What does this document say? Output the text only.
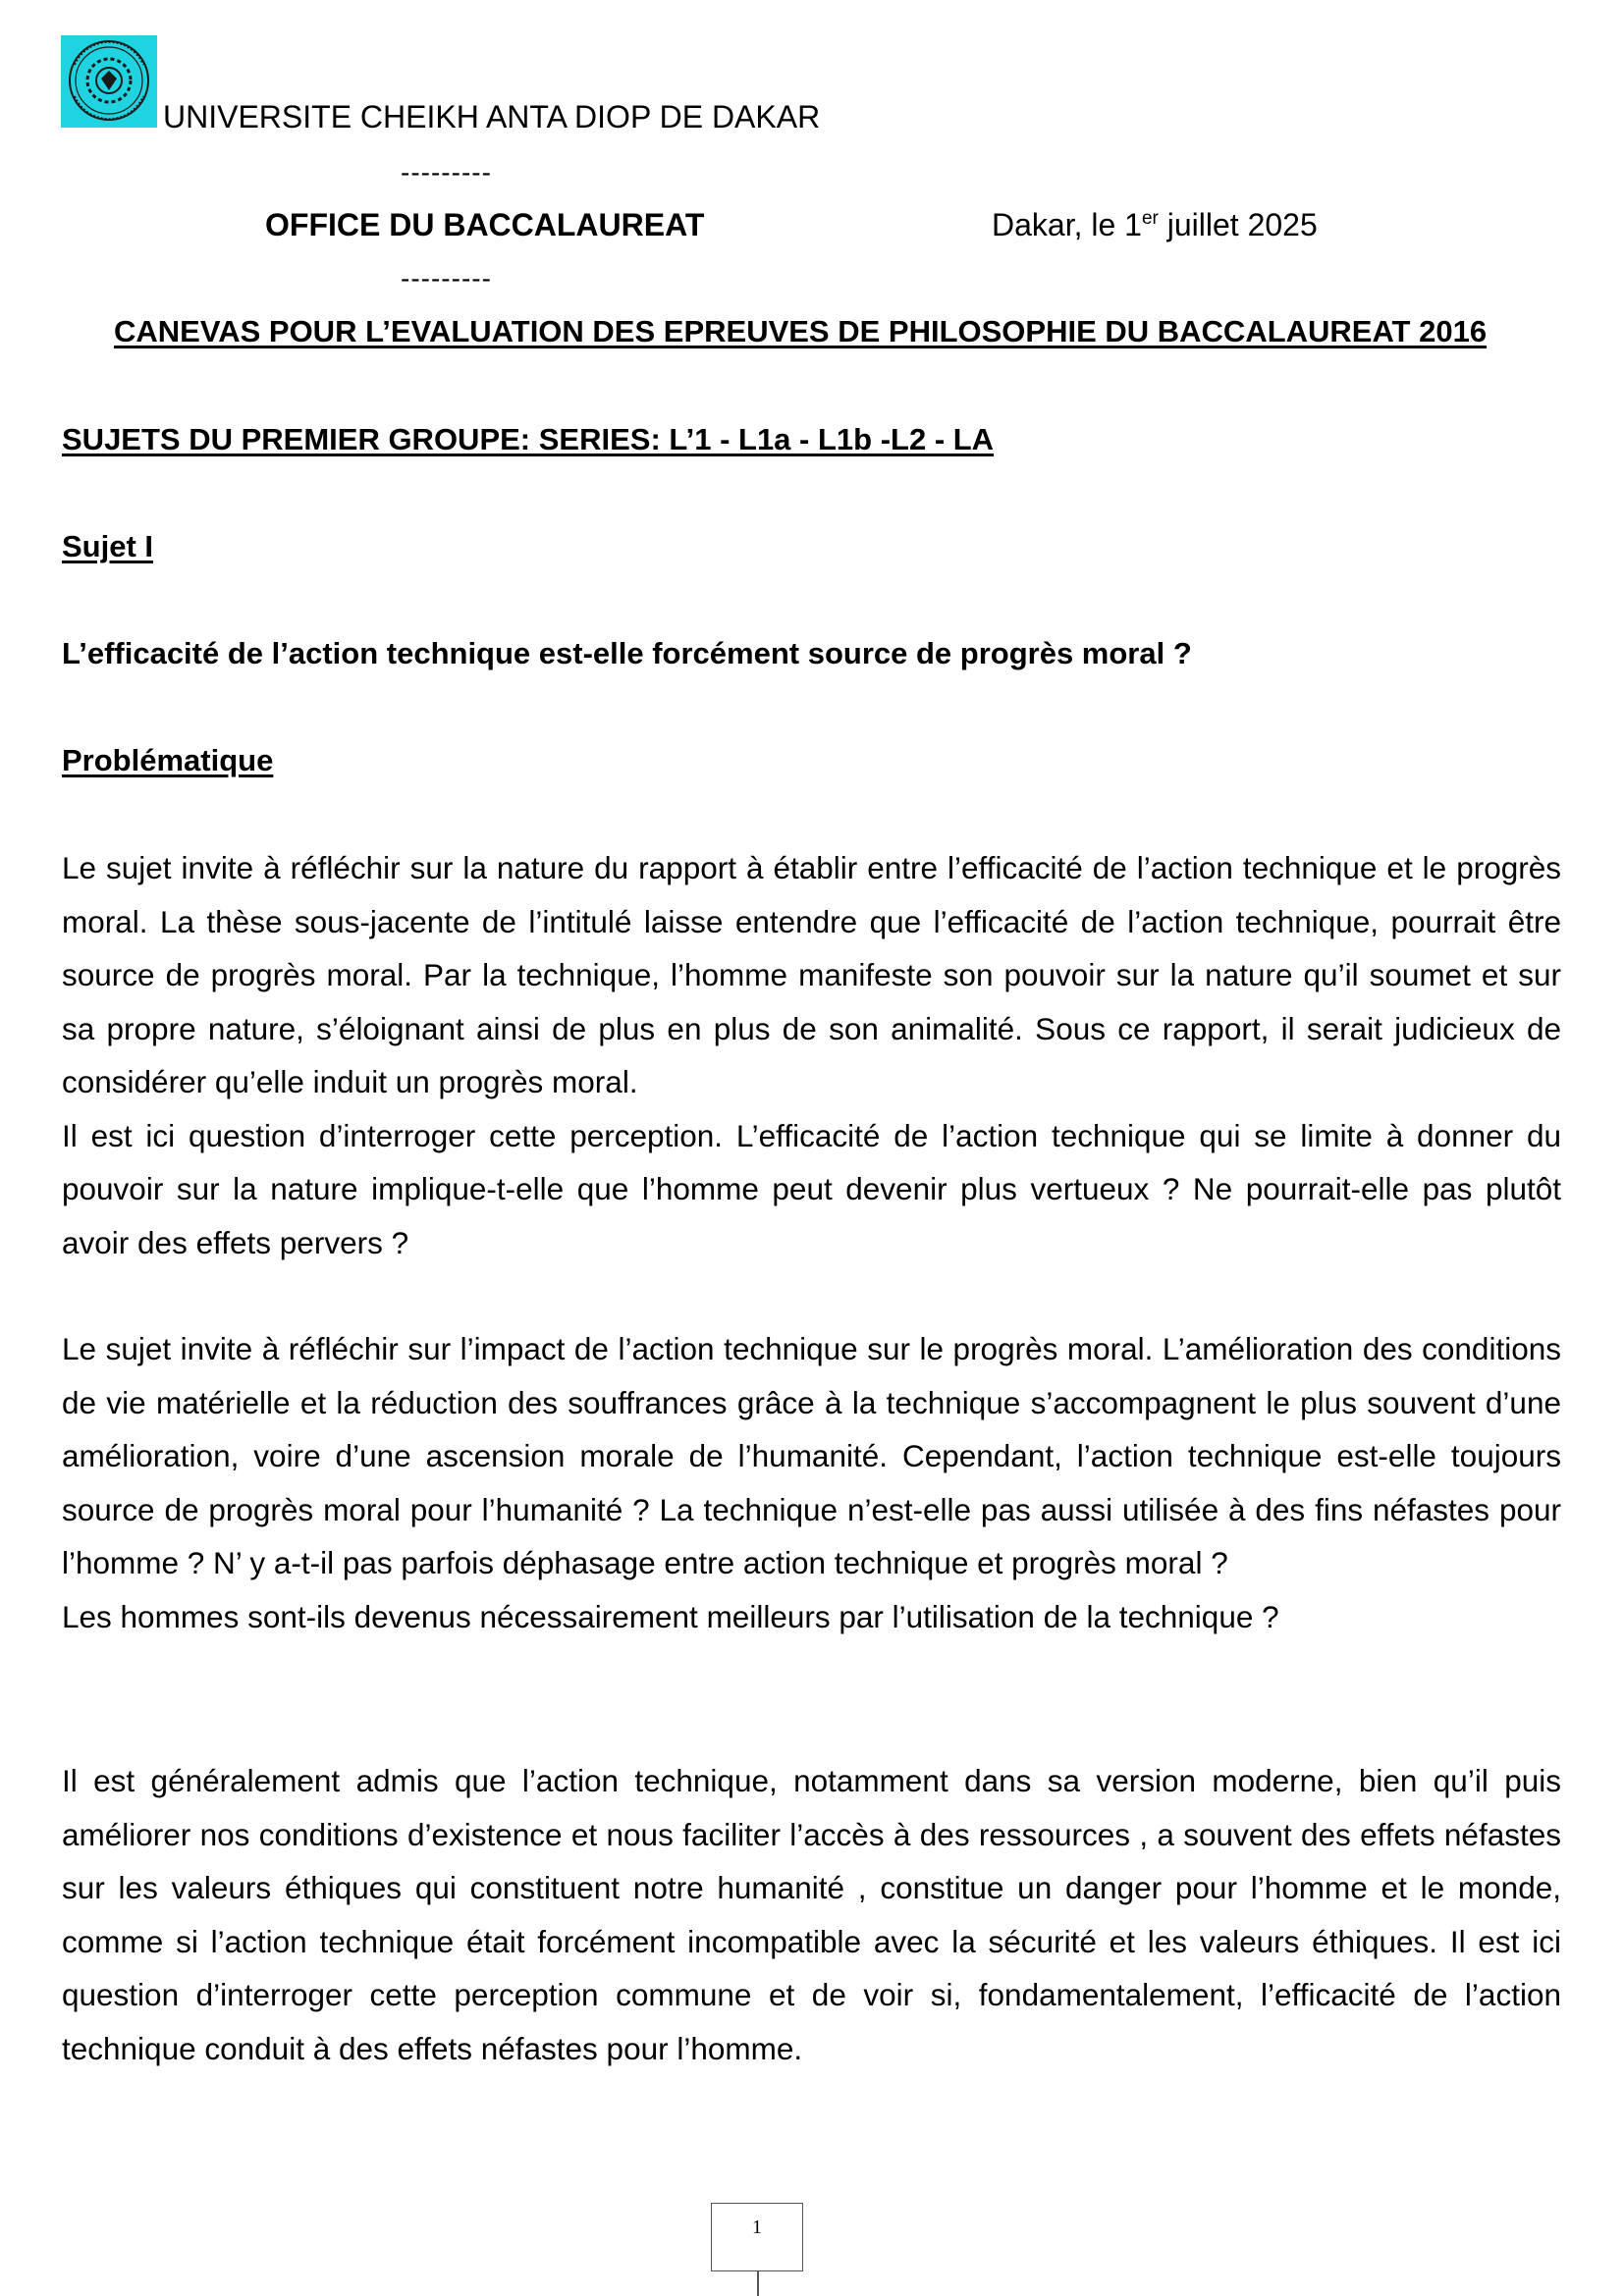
UNIVERSITE CHEIKH ANTA DIOP DE DAKAR
---------
OFFICE DU BACCALAUREAT	Dakar, le 1er juillet 2025
---------
CANEVAS POUR L’EVALUATION DES EPREUVES DE PHILOSOPHIE DU BACCALAUREAT 2016
SUJETS DU PREMIER GROUPE: SERIES: L’1 - L1a - L1b -L2 - LA
Sujet I
L’efficacité de l’action technique est-elle forcément source de progrès moral ?
Problématique
Le sujet invite à réfléchir sur la nature du rapport à établir entre l’efficacité de l’action technique et le progrès moral. La thèse sous-jacente de l’intitulé laisse entendre que l’efficacité de l’action technique, pourrait être source de progrès moral. Par la technique, l’homme manifeste son pouvoir sur la nature qu’il soumet et sur sa propre nature, s’éloignant ainsi de plus en plus de son animalité. Sous ce rapport, il serait judicieux de considérer qu’elle induit un progrès moral.
Il est ici question d’interroger cette perception. L’efficacité de l’action technique qui se limite à donner du pouvoir sur la nature implique-t-elle que l’homme peut devenir plus vertueux ? Ne pourrait-elle pas plutôt avoir des effets pervers ?
Le sujet invite à réfléchir sur l’impact de l’action technique sur le progrès moral. L’amélioration des conditions de vie matérielle et la réduction des souffrances grâce à la technique s’accompagnent le plus souvent d’une amélioration, voire d’une ascension morale de l’humanité. Cependant, l’action technique est-elle toujours source de progrès moral pour l’humanité ? La technique n’est-elle pas aussi utilisée à des fins néfastes pour l’homme ? N’ y a-t-il pas parfois déphasage entre action technique et progrès moral ?
Les hommes sont-ils devenus nécessairement meilleurs par l’utilisation de la technique ?
Il est généralement admis que l’action technique, notamment dans sa version moderne, bien qu’il puis améliorer nos conditions d’existence et nous faciliter l’accès à des ressources , a souvent des effets néfastes sur les valeurs éthiques qui constituent notre humanité , constitue un danger pour l’homme et le monde, comme si l’action technique était forcément incompatible avec la sécurité et les valeurs éthiques. Il est ici question d’interroger cette perception commune et de voir si, fondamentalement, l’efficacité de l’action technique conduit à des effets néfastes pour l’homme.
1
